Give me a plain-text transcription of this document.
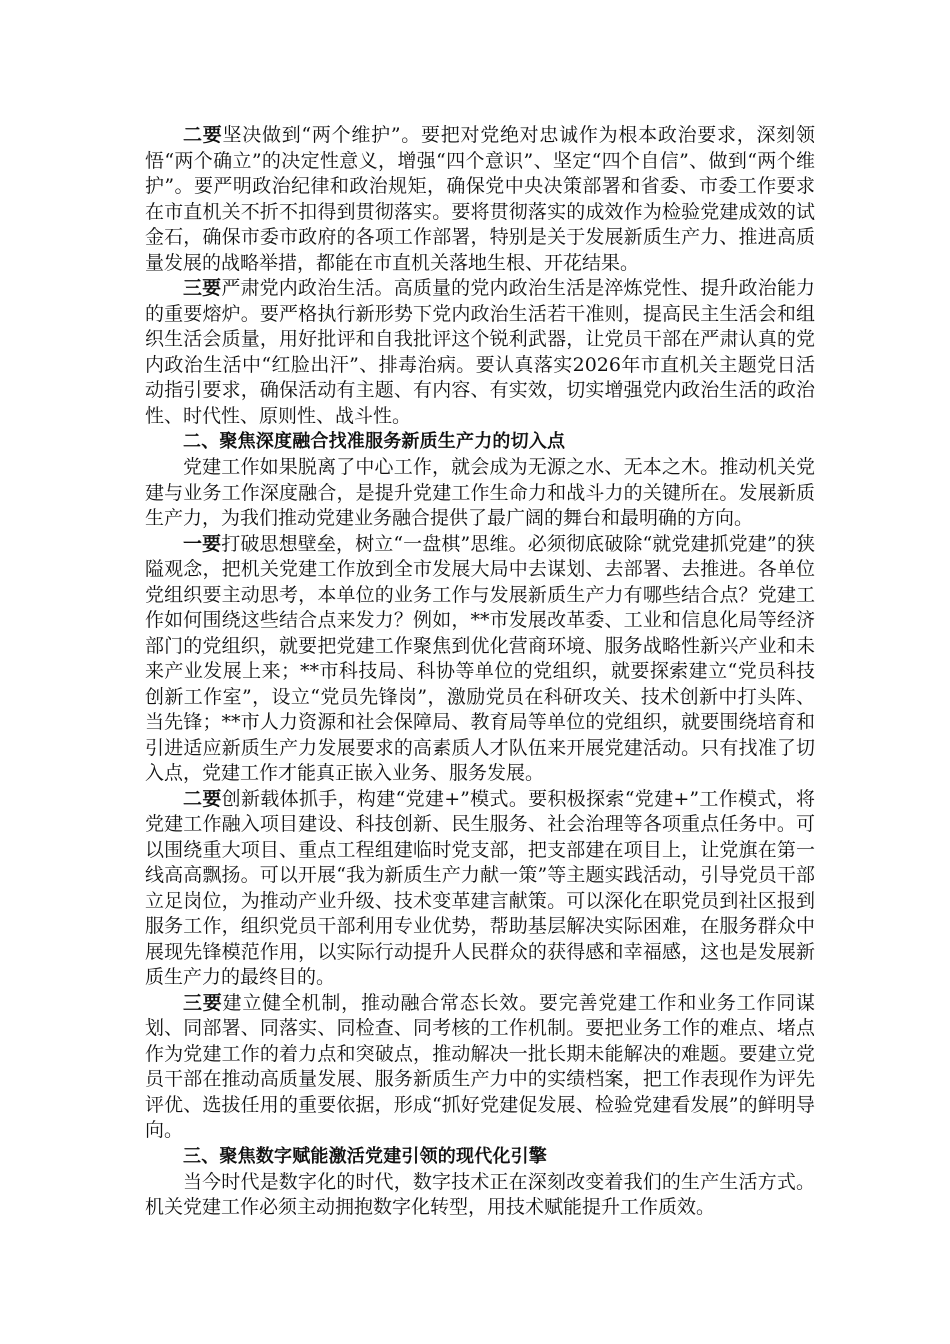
二要坚决做到“两个维护”。要把对党绝对忠诚作为根本政治要求，深刻领悟“两个确立”的决定性意义，增强“四个意识”、坚定“四个自信”、做到“两个维护”。要严明政治纪律和政治规矩，确保党中央决策部署和省委、市委工作要求在市直机关不折不扣得到贯彻落实。要将贯彻落实的成效作为检验党建成效的试金石，确保市委市政府的各项工作部署，特别是关于发展新质生产力、推进高质量发展的战略举措，都能在市直机关落地生根、开花结果。

三要严肃党内政治生活。高质量的党内政治生活是淬炼党性、提升政治能力的重要熔炉。要严格执行新形势下党内政治生活若干准则，提高民主生活会和组织生活会质量，用好批评和自我批评这个锐利武器，让党员干部在严肃认真的党内政治生活中“红脸出汗”、排毒治病。要认真落实2026年市直机关主题党日活动指引要求，确保活动有主题、有内容、有实效，切实增强党内政治生活的政治性、时代性、原则性、战斗性。

二、聚焦深度融合找准服务新质生产力的切入点

党建工作如果脱离了中心工作，就会成为无源之水、无本之木。推动机关党建与业务工作深度融合，是提升党建工作生命力和战斗力的关键所在。发展新质生产力，为我们推动党建业务融合提供了最广阔的舞台和最明确的方向。

一要打破思想壁垒，树立“一盘棋”思维。必须彻底破除“就党建抓党建”的狭隘观念，把机关党建工作放到全市发展大局中去谋划、去部署、去推进。各单位党组织要主动思考，本单位的业务工作与发展新质生产力有哪些结合点？党建工作如何围绕这些结合点来发力？例如，**市发展改革委、工业和信息化局等经济部门的党组织，就要把党建工作聚焦到优化营商环境、服务战略性新兴产业和未来产业发展上来；**市科技局、科协等单位的党组织，就要探索建立“党员科技创新工作室”，设立“党员先锋岗”，激励党员在科研攻关、技术创新中打头阵、当先锋；**市人力资源和社会保障局、教育局等单位的党组织，就要围绕培育和引进适应新质生产力发展要求的高素质人才队伍来开展党建活动。只有找准了切入点，党建工作才能真正嵌入业务、服务发展。

二要创新载体抓手，构建“党建+”模式。要积极探索“党建+”工作模式，将党建工作融入项目建设、科技创新、民生服务、社会治理等各项重点任务中。可以围绕重大项目、重点工程组建临时党支部，把支部建在项目上，让党旗在第一线高高飘扬。可以开展“我为新质生产力献一策”等主题实践活动，引导党员干部立足岗位，为推动产业升级、技术变革建言献策。可以深化在职党员到社区报到服务工作，组织党员干部利用专业优势，帮助基层解决实际困难，在服务群众中展现先锋模范作用，以实际行动提升人民群众的获得感和幸福感，这也是发展新质生产力的最终目的。

三要建立健全机制，推动融合常态长效。要完善党建工作和业务工作同谋划、同部署、同落实、同检查、同考核的工作机制。要把业务工作的难点、堵点作为党建工作的着力点和突破点，推动解决一批长期未能解决的难题。要建立党员干部在推动高质量发展、服务新质生产力中的实绩档案，把工作表现作为评先评优、选拔任用的重要依据，形成“抓好党建促发展、检验党建看发展”的鲜明导向。

三、聚焦数字赋能激活党建引领的现代化引擎

当今时代是数字化的时代，数字技术正在深刻改变着我们的生产生活方式。机关党建工作必须主动拥抱数字化转型，用技术赋能提升工作质效。
